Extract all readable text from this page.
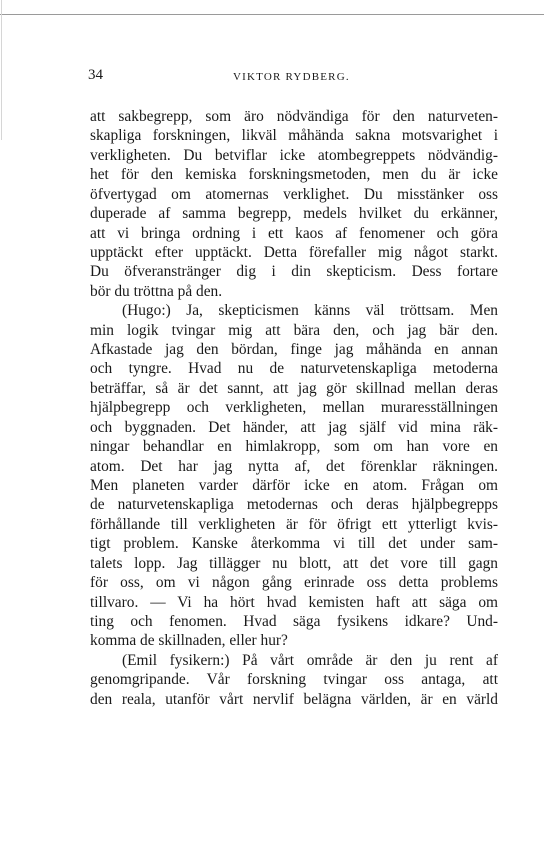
34	VIKTOR RYDBERG.
att sakbegrepp, som äro nödvändiga för den naturveten-
skapliga forskningen, likväl måhända sakna motsvarighet i
verkligheten. Du betviflar icke atombegreppets nödvändig-
het för den kemiska forskningsmetoden, men du är icke
öfvertygad om atomernas verklighet. Du misstänker oss
duperade af samma begrepp, medels hvilket du erkänner,
att vi bringa ordning i ett kaos af fenomener och göra
upptäckt efter upptäckt. Detta förefaller mig något starkt.
Du öfveranstränger dig i din skepticism. Dess fortare
bör du tröttna på den.
(Hugo:) Ja, skepticismen känns väl tröttsam. Men
min logik tvingar mig att bära den, och jag bär den.
Afkastade jag den bördan, finge jag måhända en annan
och tyngre. Hvad nu de naturvetenskapliga metoderna
beträffar, så är det sannt, att jag gör skillnad mellan deras
hjälpbegrepp och verkligheten, mellan muraresställningen
och byggnaden. Det händer, att jag själf vid mina räk-
ningar behandlar en himlakropp, som om han vore en
atom. Det har jag nytta af, det förenklar räkningen.
Men planeten varder därför icke en atom. Frågan om
de naturvetenskapliga metodernas och deras hjälpbegrepps
förhållande till verkligheten är för öfrigt ett ytterligt kvis-
tigt problem. Kanske återkomma vi till det under sam-
talets lopp. Jag tillägger nu blott, att det vore till gagn
för oss, om vi någon gång erinrade oss detta problems
tillvaro. — Vi ha hört hvad kemisten haft att säga om
ting och fenomen. Hvad säga fysikens idkare? Und-
komma de skillnaden, eller hur?
(Emil fysikern:) På vårt område är den ju rent af
genomgripande. Vår forskning tvingar oss antaga, att
den reala, utanför vårt nervlif belägna världen, är en värld
